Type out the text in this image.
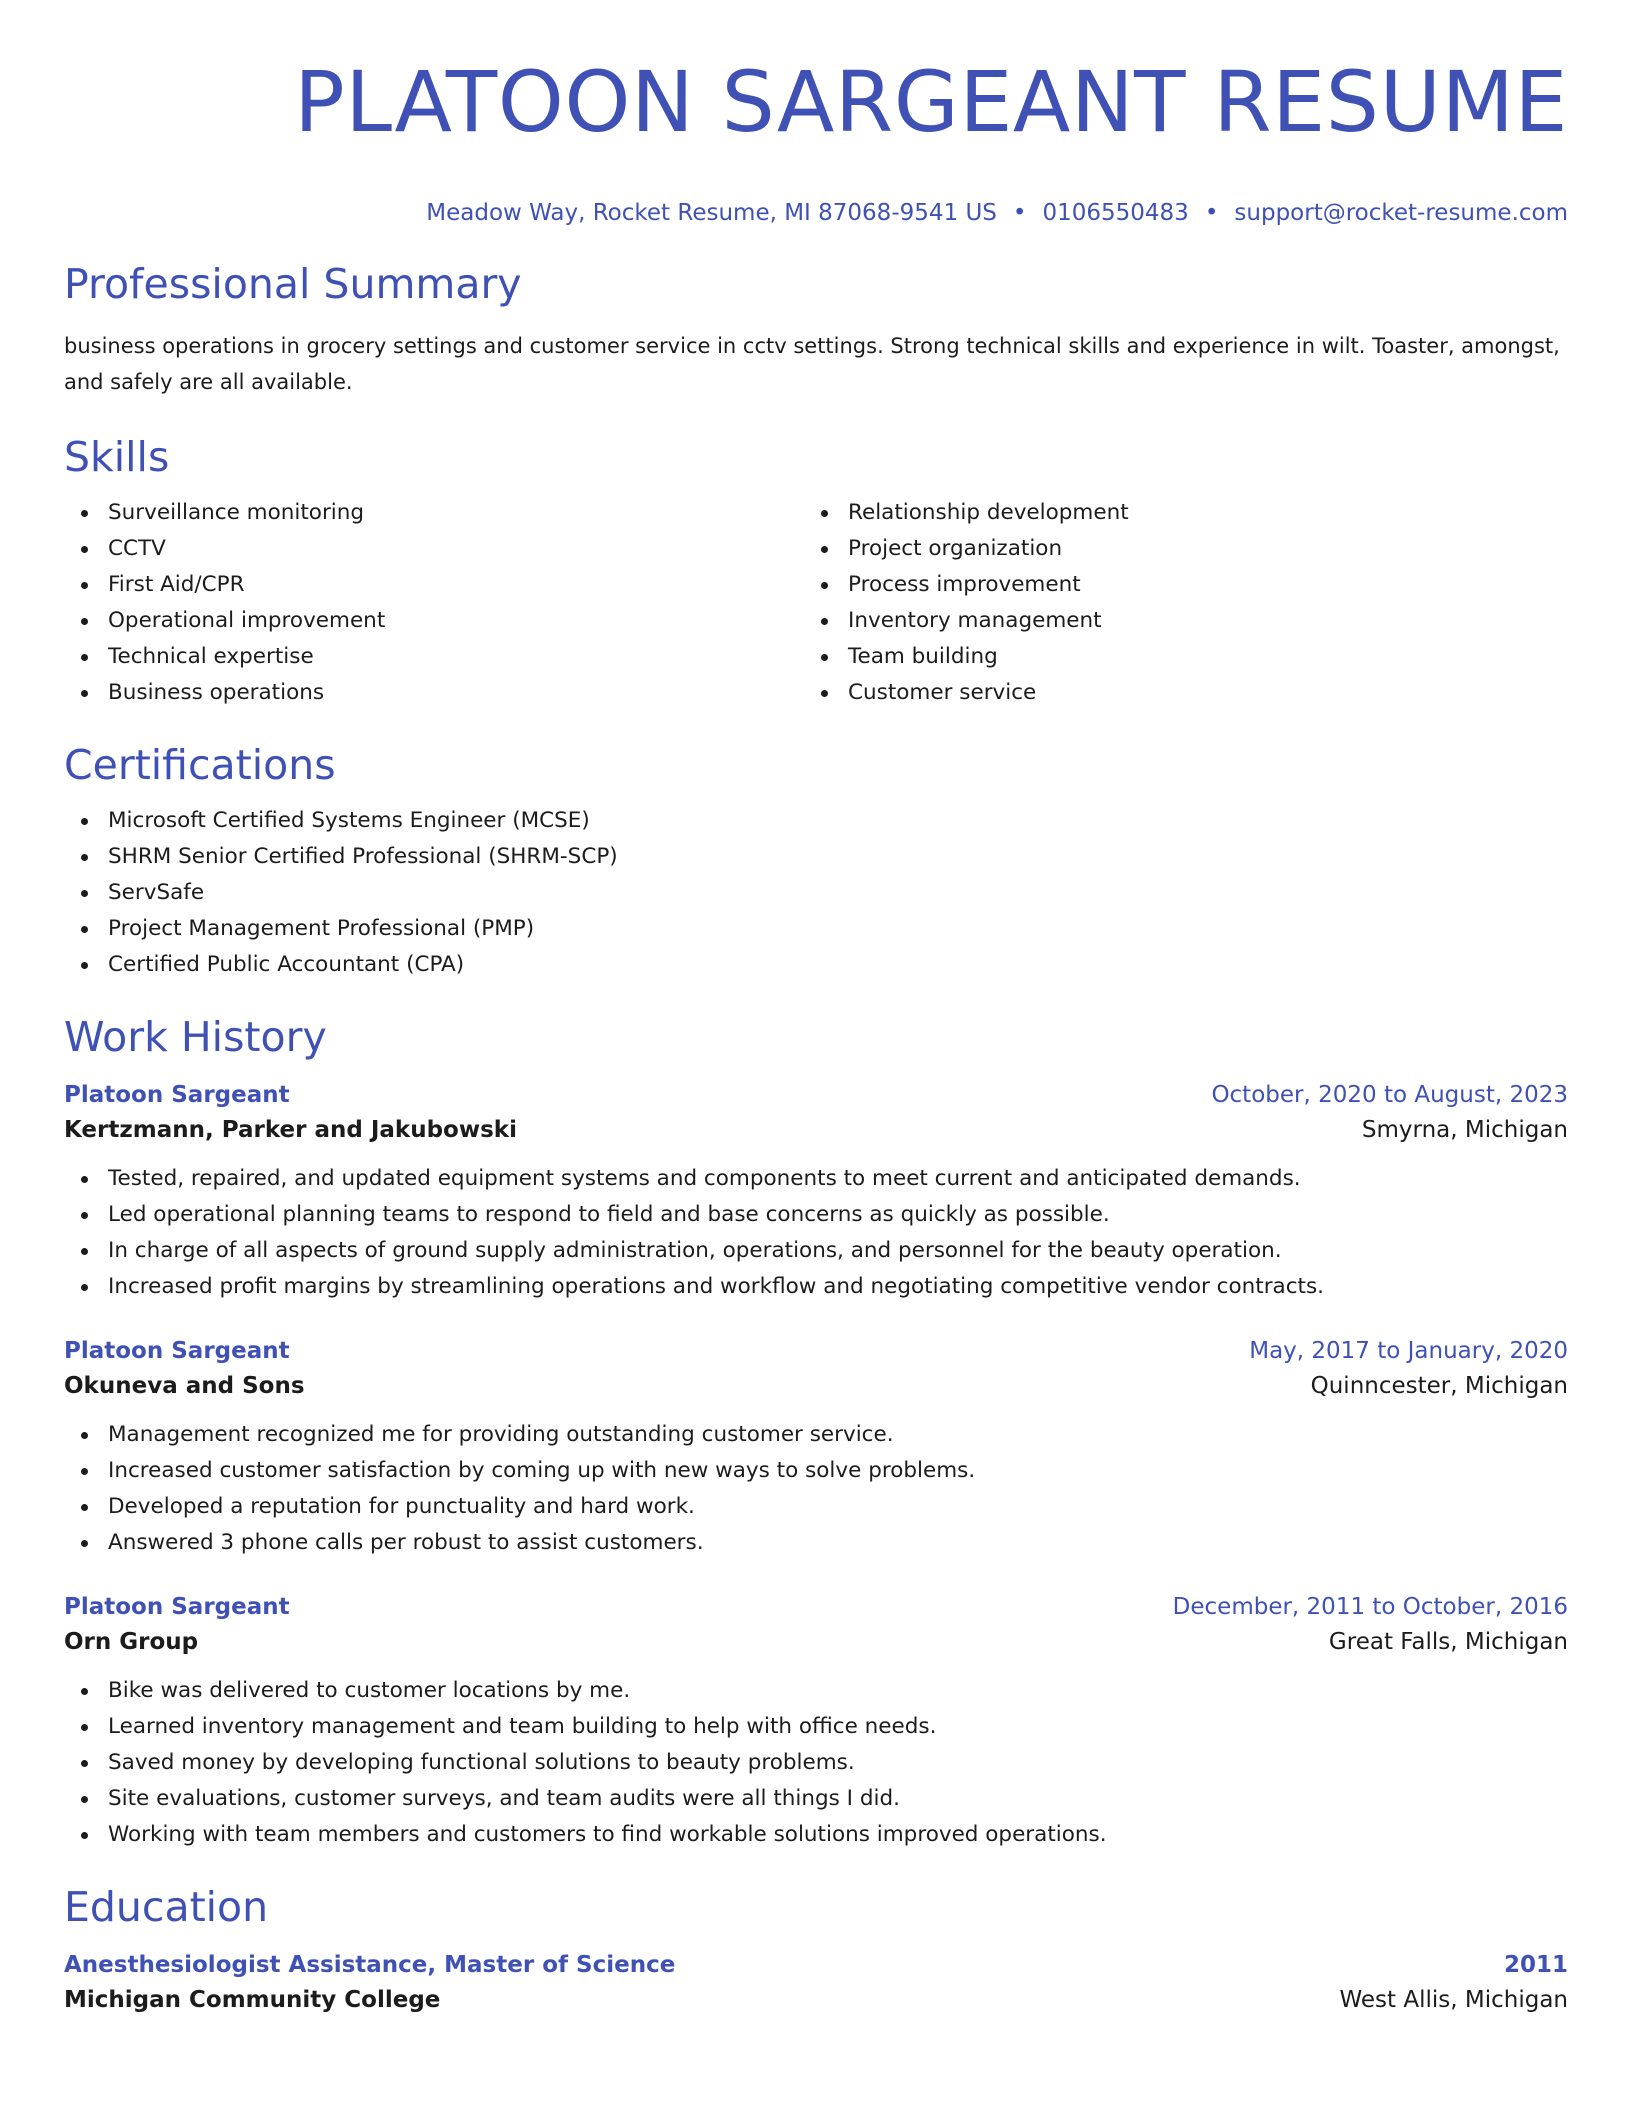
PLATOON SARGEANT RESUME
Meadow Way, Rocket Resume, MI 87068-9541 US • 0106550483 • support@rocket-resume.com
Professional Summary
business operations in grocery settings and customer service in cctv settings. Strong technical skills and experience in wilt. Toaster, amongst, and safely are all available.
Skills
Surveillance monitoring
CCTV
First Aid/CPR
Operational improvement
Technical expertise
Business operations
Relationship development
Project organization
Process improvement
Inventory management
Team building
Customer service
Certifications
Microsoft Certified Systems Engineer (MCSE)
SHRM Senior Certified Professional (SHRM-SCP)
ServSafe
Project Management Professional (PMP)
Certified Public Accountant (CPA)
Work History
Platoon Sargeant	October, 2020 to August, 2023
Kertzmann, Parker and Jakubowski	Smyrna, Michigan
Tested, repaired, and updated equipment systems and components to meet current and anticipated demands.
Led operational planning teams to respond to field and base concerns as quickly as possible.
In charge of all aspects of ground supply administration, operations, and personnel for the beauty operation.
Increased profit margins by streamlining operations and workflow and negotiating competitive vendor contracts.
Platoon Sargeant	May, 2017 to January, 2020
Okuneva and Sons	Quinncester, Michigan
Management recognized me for providing outstanding customer service.
Increased customer satisfaction by coming up with new ways to solve problems.
Developed a reputation for punctuality and hard work.
Answered 3 phone calls per robust to assist customers.
Platoon Sargeant	December, 2011 to October, 2016
Orn Group	Great Falls, Michigan
Bike was delivered to customer locations by me.
Learned inventory management and team building to help with office needs.
Saved money by developing functional solutions to beauty problems.
Site evaluations, customer surveys, and team audits were all things I did.
Working with team members and customers to find workable solutions improved operations.
Education
Anesthesiologist Assistance, Master of Science	2011
Michigan Community College	West Allis, Michigan
